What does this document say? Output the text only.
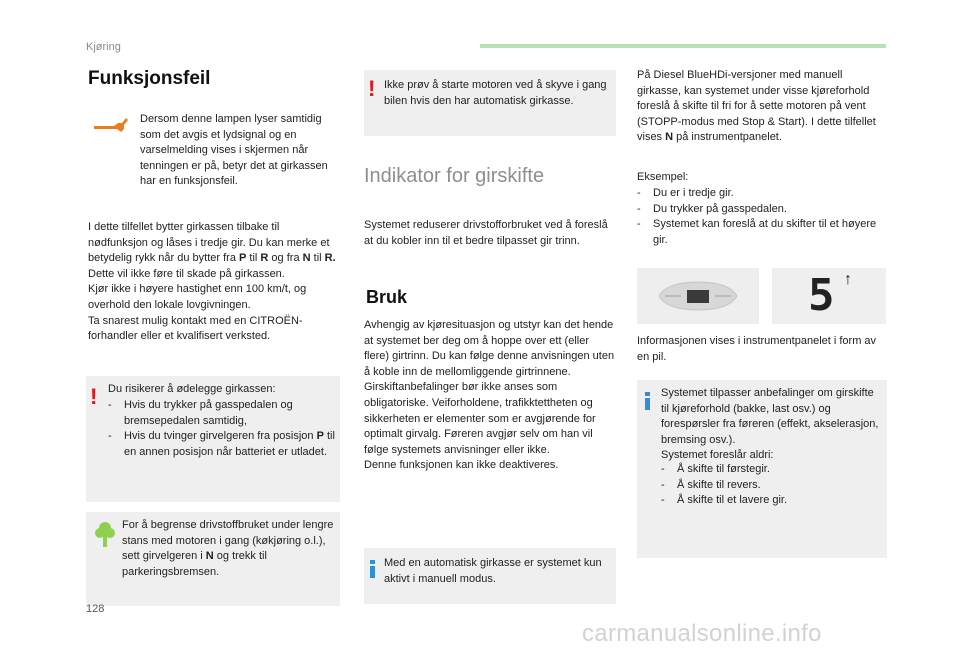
Kjøring
Funksjonsfeil
Dersom denne lampen lyser samtidig som det avgis et lydsignal og en varselmelding vises i skjermen når tenningen er på, betyr det at girkassen har en funksjonsfeil.
I dette tilfellet bytter girkassen tilbake til nødfunksjon og låses i tredje gir. Du kan merke et betydelig rykk når du bytter fra P til R og fra N til R. Dette vil ikke føre til skade på girkassen.
Kjør ikke i høyere hastighet enn 100 km/t, og overhold den lokale lovgivningen.
Ta snarest mulig kontakt med en CITROËN-forhandler eller et kvalifisert verksted.
! Du risikerer å ødelegge girkassen:
- Hvis du trykker på gasspedalen og bremsepedalen samtidig,
- Hvis du tvinger girvelgeren fra posisjon P til en annen posisjon når batteriet er utladet.
For å begrense drivstoffbruket under lengre stans med motoren i gang (køkjøring o.l.), sett girvelgeren i N og trekk til parkeringsbremsen.
! Ikke prøv å starte motoren ved å skyve i gang bilen hvis den har automatisk girkasse.
Indikator for girskifte
Systemet reduserer drivstofforbruket ved å foreslå at du kobler inn til et bedre tilpasset gir trinn.
Bruk
Avhengig av kjøresituasjon og utstyr kan det hende at systemet ber deg om å hoppe over ett (eller flere) girtrinn. Du kan følge denne anvisningen uten å koble inn de mellomliggende girtrinnene.
Girskiftanbefalinger bør ikke anses som obligatoriske. Veiforholdene, trafikktettheten og sikkerheten er elementer som er avgjørende for optimalt girvalg. Føreren avgjør selv om han vil følge systemets anvisninger eller ikke.
Denne funksjonen kan ikke deaktiveres.
Med en automatisk girkasse er systemet kun aktivt i manuell modus.
På Diesel BlueHDi-versjoner med manuell girkasse, kan systemet under visse kjøreforhold foreslå å skifte til fri for å sette motoren på vent (STOPP-modus med Stop & Start). I dette tilfellet vises N på instrumentpanelet.
Eksempel:
- Du er i tredje gir.
- Du trykker på gasspedalen.
- Systemet kan foreslå at du skifter til et høyere gir.
5 ↑
Informasjonen vises i instrumentpanelet i form av en pil.
Systemet tilpasser anbefalinger om girskifte til kjøreforhold (bakke, last osv.) og forespørsler fra føreren (effekt, akselerasjon, bremsing osv.).
Systemet foreslår aldri:
- Å skifte til førstegir.
- Å skifte til revers.
- Å skifte til et lavere gir.
128
carmanualsonline.info
